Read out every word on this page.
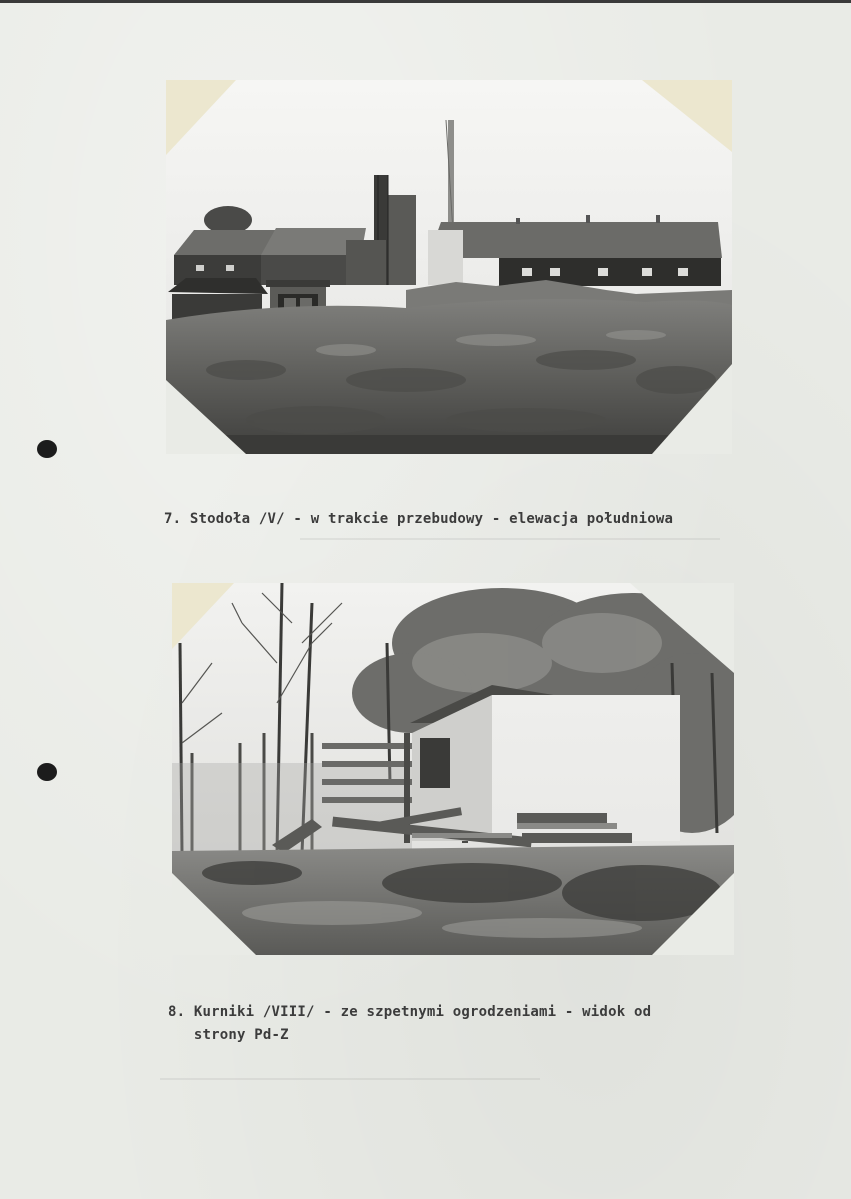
7. Stodoła /V/ - w trakcie przebudowy - elewacja południowa
8. Kurniki /VIII/ - ze szpetnymi ogrodzeniami - widok od
strony Pd-Z
